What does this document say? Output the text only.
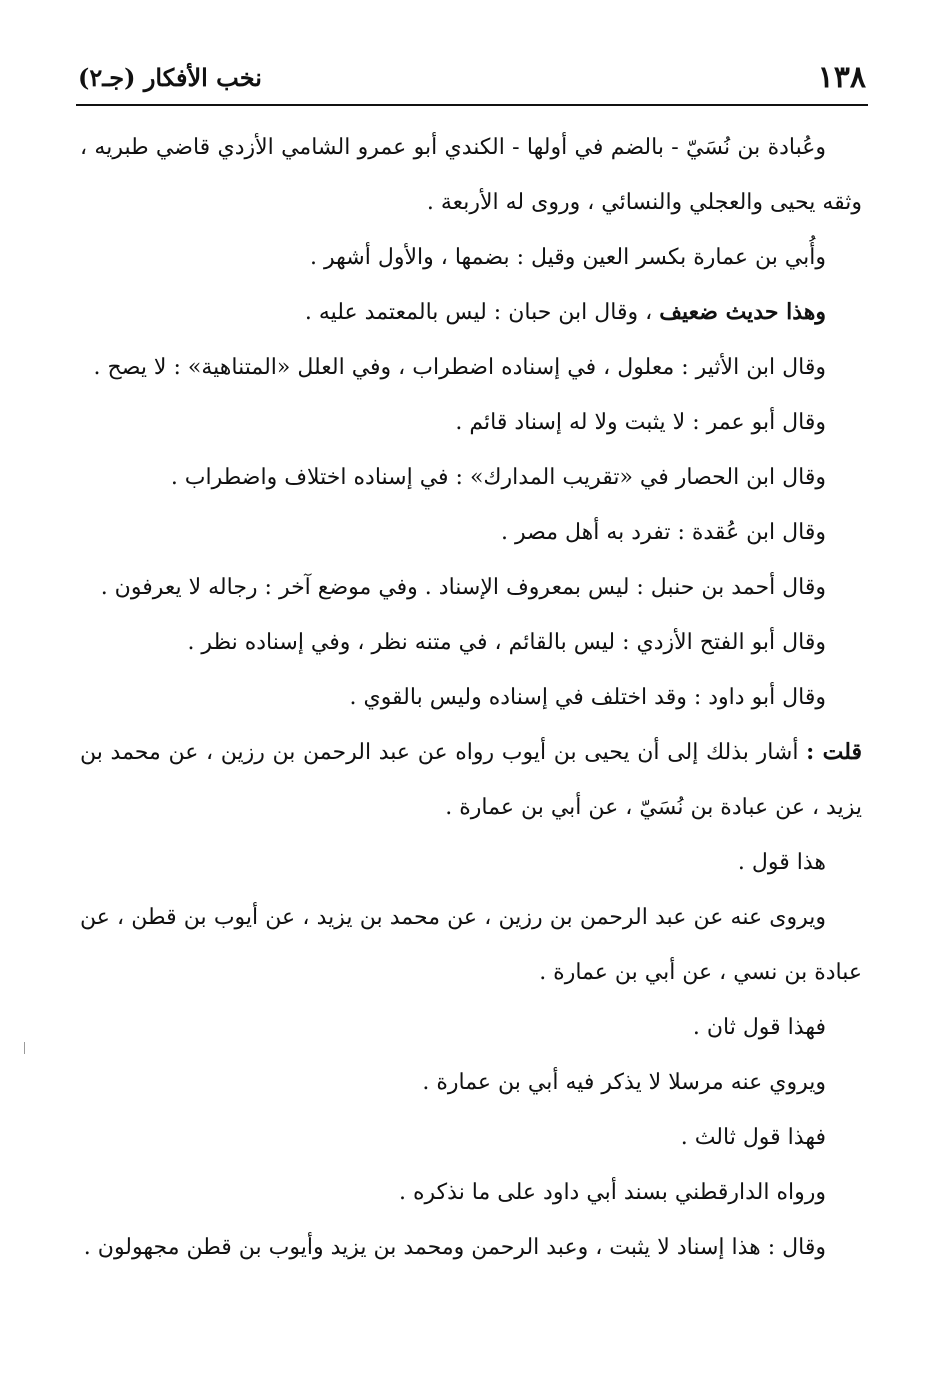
١٣٨
نخب الأفكار (جـ٢)

وعُبادة بن نُسَيّ - بالضم في أولها - الكندي أبو عمرو الشامي الأزدي قاضي طبريه ، وثقه يحيى والعجلي والنسائي ، وروى له الأربعة .

وأُبي بن عمارة بكسر العين وقيل : بضمها ، والأول أشهر .

وهذا حديث ضعيف ، وقال ابن حبان : ليس بالمعتمد عليه .

وقال ابن الأثير : معلول ، في إسناده اضطراب ، وفي العلل «المتناهية» : لا يصح .

وقال أبو عمر : لا يثبت ولا له إسناد قائم .

وقال ابن الحصار في «تقريب المدارك» : في إسناده اختلاف واضطراب .

وقال ابن عُقدة : تفرد به أهل مصر .

وقال أحمد بن حنبل : ليس بمعروف الإسناد . وفي موضع آخر : رجاله لا يعرفون .

وقال أبو الفتح الأزدي : ليس بالقائم ، في متنه نظر ، وفي إسناده نظر .

وقال أبو داود : وقد اختلف في إسناده وليس بالقوي .

قلت : أشار بذلك إلى أن يحيى بن أيوب رواه عن عبد الرحمن بن رزين ، عن محمد بن يزيد ، عن عبادة بن نُسَيّ ، عن أبي بن عمارة .

هذا قول .

ويروى عنه عن عبد الرحمن بن رزين ، عن محمد بن يزيد ، عن أيوب بن قطن ، عن عبادة بن نسي ، عن أبي بن عمارة .

فهذا قول ثان .

ويروي عنه مرسلا لا يذكر فيه أبي بن عمارة .

فهذا قول ثالث .

ورواه الدارقطني بسند أبي داود على ما نذكره .

وقال : هذا إسناد لا يثبت ، وعبد الرحمن ومحمد بن يزيد وأيوب بن قطن مجهولون .
